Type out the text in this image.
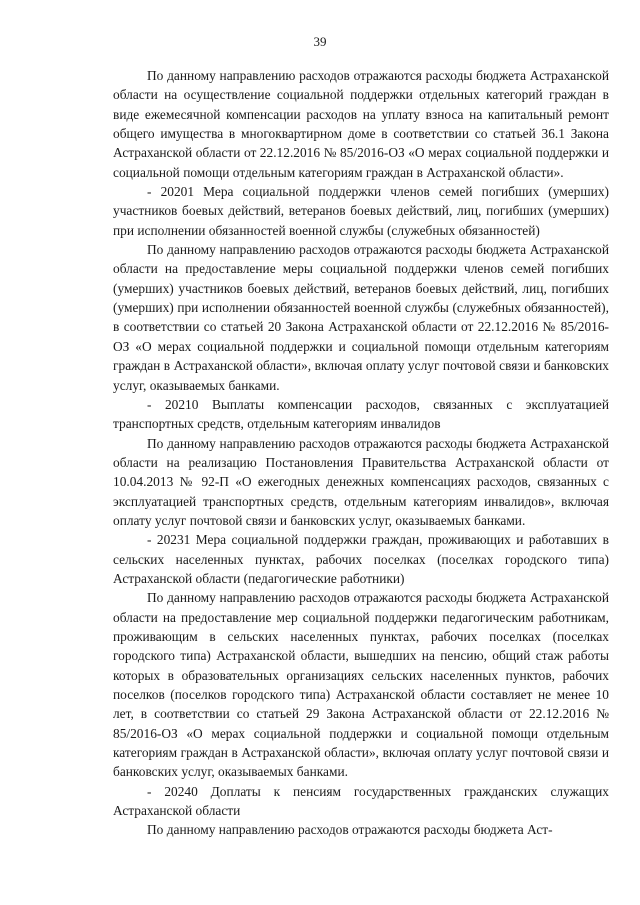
39

По данному направлению расходов отражаются расходы бюджета Астраханской области на осуществление социальной поддержки отдельных категорий граждан в виде ежемесячной компенсации расходов на уплату взноса на капитальный ремонт общего имущества в многоквартирном доме в соответствии со статьей 36.1 Закона Астраханской области от 22.12.2016 № 85/2016-ОЗ «О мерах социальной поддержки и социальной помощи отдельным категориям граждан в Астраханской области».

- 20201 Мера социальной поддержки членов семей погибших (умерших) участников боевых действий, ветеранов боевых действий, лиц, погибших (умерших) при исполнении обязанностей военной службы (служебных обязанностей)

По данному направлению расходов отражаются расходы бюджета Астраханской области на предоставление меры социальной поддержки членов семей погибших (умерших) участников боевых действий, ветеранов боевых действий, лиц, погибших (умерших) при исполнении обязанностей военной службы (служебных обязанностей), в соответствии со статьей 20 Закона Астраханской области от 22.12.2016 № 85/2016-ОЗ «О мерах социальной поддержки и социальной помощи отдельным категориям граждан в Астраханской области», включая оплату услуг почтовой связи и банковских услуг, оказываемых банками.

- 20210 Выплаты компенсации расходов, связанных с эксплуатацией транспортных средств, отдельным категориям инвалидов

По данному направлению расходов отражаются расходы бюджета Астраханской области на реализацию Постановления Правительства Астраханской области от 10.04.2013 № 92-П «О ежегодных денежных компенсациях расходов, связанных с эксплуатацией транспортных средств, отдельным категориям инвалидов», включая оплату услуг почтовой связи и банковских услуг, оказываемых банками.

- 20231 Мера социальной поддержки граждан, проживающих и работавших в сельских населенных пунктах, рабочих поселках (поселках городского типа) Астраханской области (педагогические работники)

По данному направлению расходов отражаются расходы бюджета Астраханской области на предоставление мер социальной поддержки педагогическим работникам, проживающим в сельских населенных пунктах, рабочих поселках (поселках городского типа) Астраханской области, вышедших на пенсию, общий стаж работы которых в образовательных организациях сельских населенных пунктов, рабочих поселков (поселков городского типа) Астраханской области составляет не менее 10 лет, в соответствии со статьей 29 Закона Астраханской области от 22.12.2016 № 85/2016-ОЗ «О мерах социальной поддержки и социальной помощи отдельным категориям граждан в Астраханской области», включая оплату услуг почтовой связи и банковских услуг, оказываемых банками.

- 20240 Доплаты к пенсиям государственных гражданских служащих Астраханской области

По данному направлению расходов отражаются расходы бюджета Аст-
